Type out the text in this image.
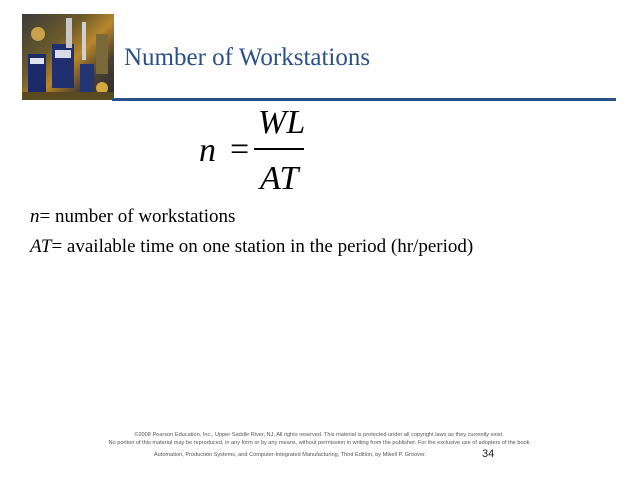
Number of Workstations
n =
WL
AT
n= number of workstations
AT= available time on one station in the period (hr/period)
©2008 Pearson Education, Inc., Upper Saddle River, NJ. All rights reserved. This material is protected under all copyright laws as they currently exist.
No portion of this material may be reproduced, in any form or by any means, without permission in writing from the publisher. For the exclusive use of adopters of the book
Automation, Production Systems, and Computer-Integrated Manufacturing, Third Edition, by Mikell P. Groover.	34
